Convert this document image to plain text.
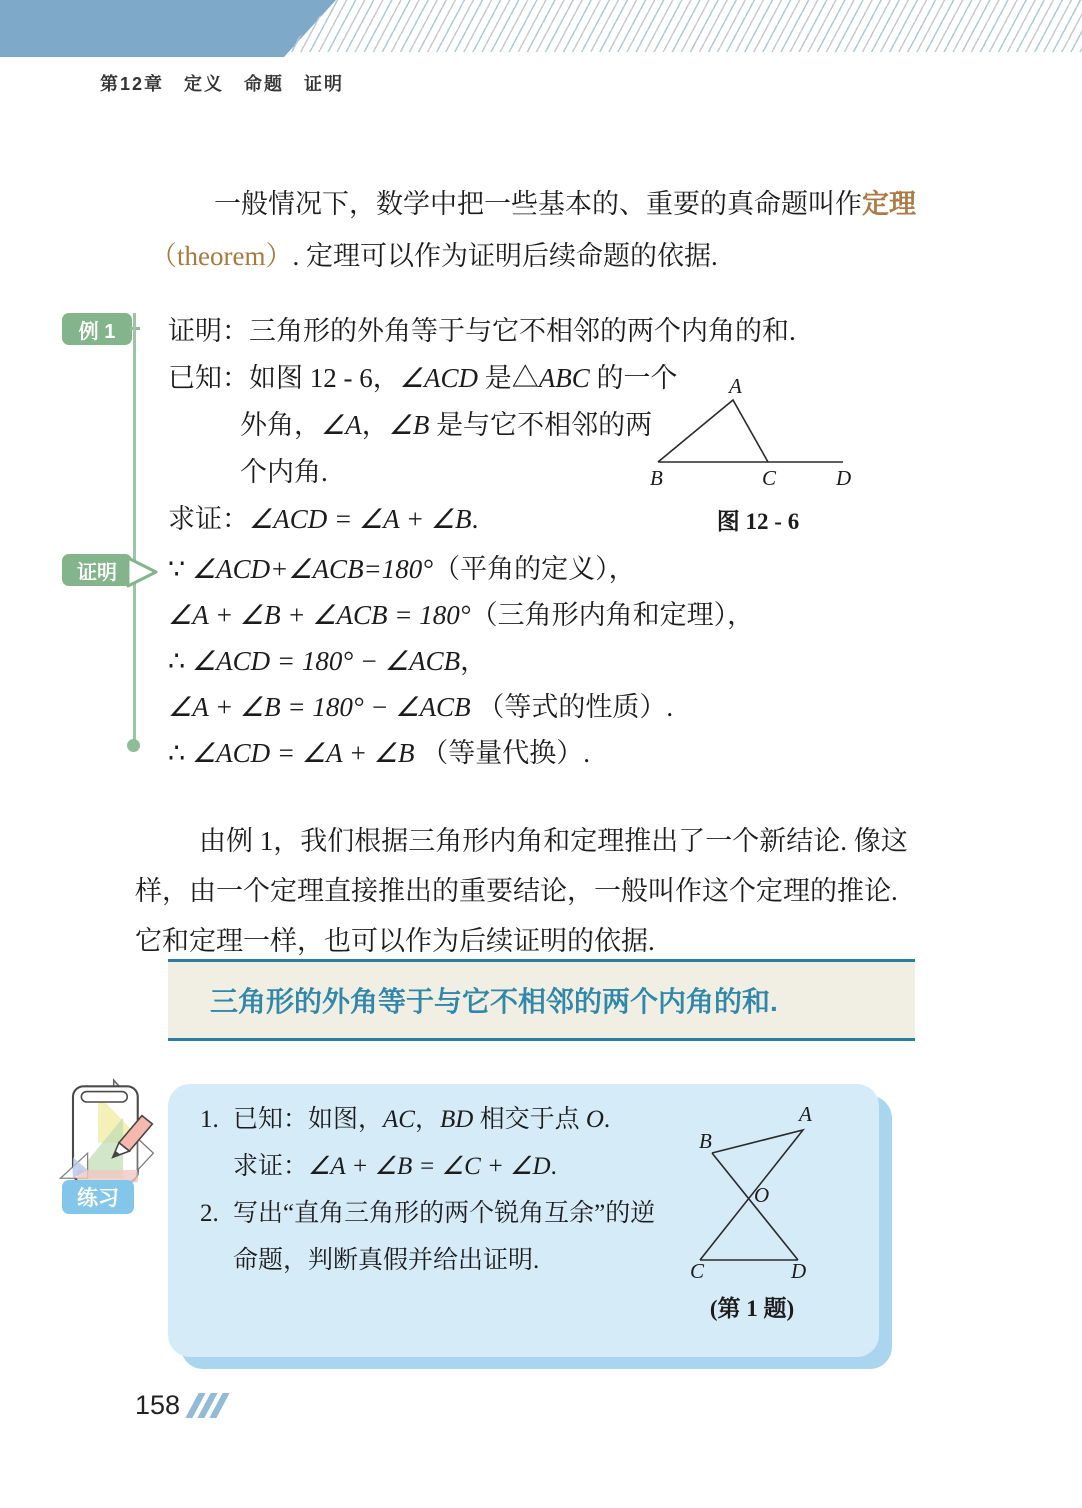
第12章　定义　命题　证明
一般情况下，数学中把一些基本的、重要的真命题叫作定理
（theorem）. 定理可以作为证明后续命题的依据.
例 1	证明：三角形的外角等于与它不相邻的两个内角的和.
已知：如图 12 - 6，∠ACD 是△ABC 的一个
外角，∠A，∠B 是与它不相邻的两
个内角.
求证：∠ACD = ∠A + ∠B.
A
B	C	D
图 12 - 6
证明	∵ ∠ACD+∠ACB=180°（平角的定义），
∠A + ∠B + ∠ACB = 180°（三角形内角和定理），
∴ ∠ACD = 180° − ∠ACB，
∠A + ∠B = 180° − ∠ACB （等式的性质）.
∴ ∠ACD = ∠A + ∠B （等量代换）.
由例 1，我们根据三角形内角和定理推出了一个新结论. 像这
样，由一个定理直接推出的重要结论，一般叫作这个定理的推论.
它和定理一样，也可以作为后续证明的依据.
三角形的外角等于与它不相邻的两个内角的和.
练习
1. 已知：如图，AC，BD 相交于点 O.
求证：∠A + ∠B = ∠C + ∠D.
2. 写出“直角三角形的两个锐角互余”的逆
命题，判断真假并给出证明.
A
B
O
C	D
(第 1 题)
158
